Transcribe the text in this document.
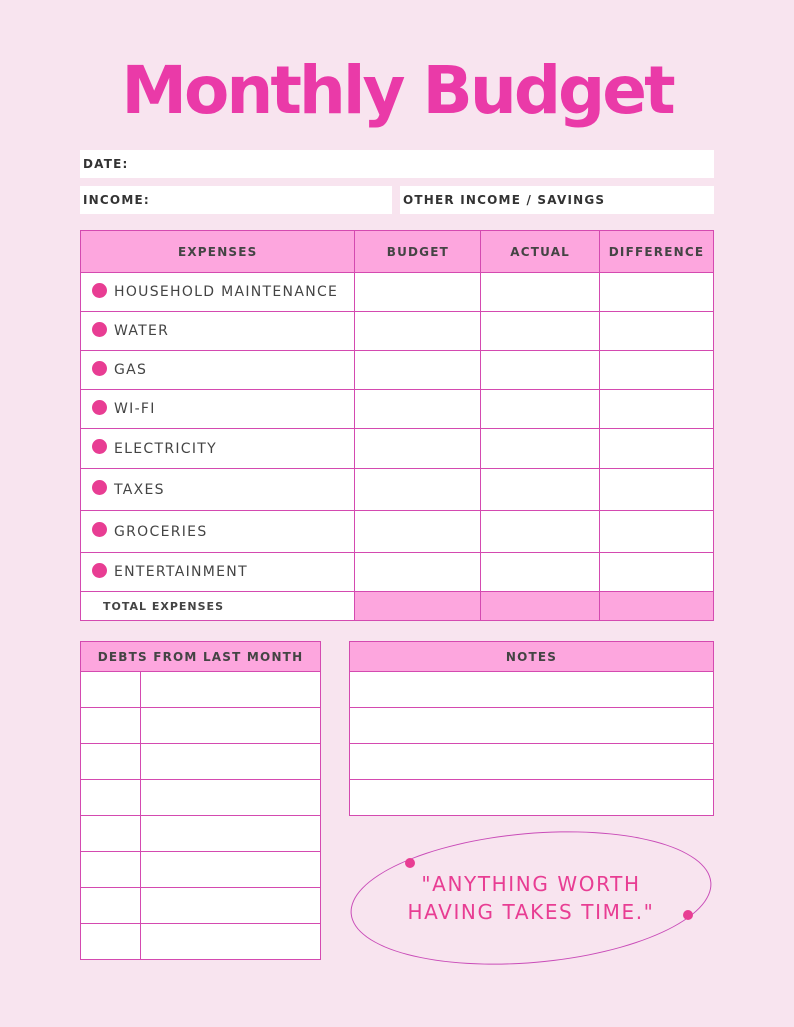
Monthly Budget
DATE:
INCOME:	OTHER INCOME / SAVINGS
EXPENSES	BUDGET	ACTUAL	DIFFERENCE
HOUSEHOLD MAINTENANCE			
WATER			
GAS			
WI-FI			
ELECTRICITY			
TAXES			
GROCERIES			
ENTERTAINMENT			
TOTAL EXPENSES			
DEBTS FROM LAST MONTH	

		NOTES

"ANYTHING WORTH
HAVING TAKES TIME."
